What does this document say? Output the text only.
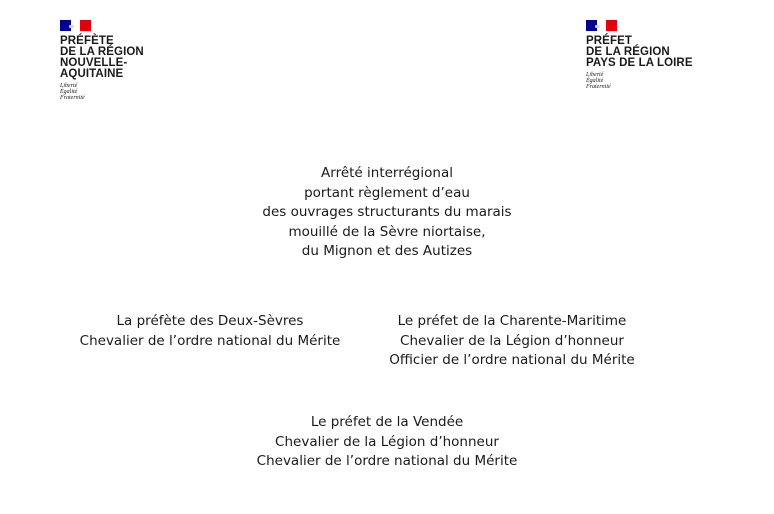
PRÉFÈTE
DE LA RÉGION
NOUVELLE-
AQUITAINE
Liberté
Égalité
Fraternité
PRÉFET
DE LA RÉGION
PAYS DE LA LOIRE
Liberté
Égalité
Fraternité
Arrêté interrégional
portant règlement d’eau
des ouvrages structurants du marais
mouillé de la Sèvre niortaise,
du Mignon et des Autizes
La préfète des Deux-Sèvres
Chevalier de l’ordre national du Mérite
Le préfet de la Charente-Maritime
Chevalier de la Légion d’honneur
Officier de l’ordre national du Mérite
Le préfet de la Vendée
Chevalier de la Légion d’honneur
Chevalier de l’ordre national du Mérite
